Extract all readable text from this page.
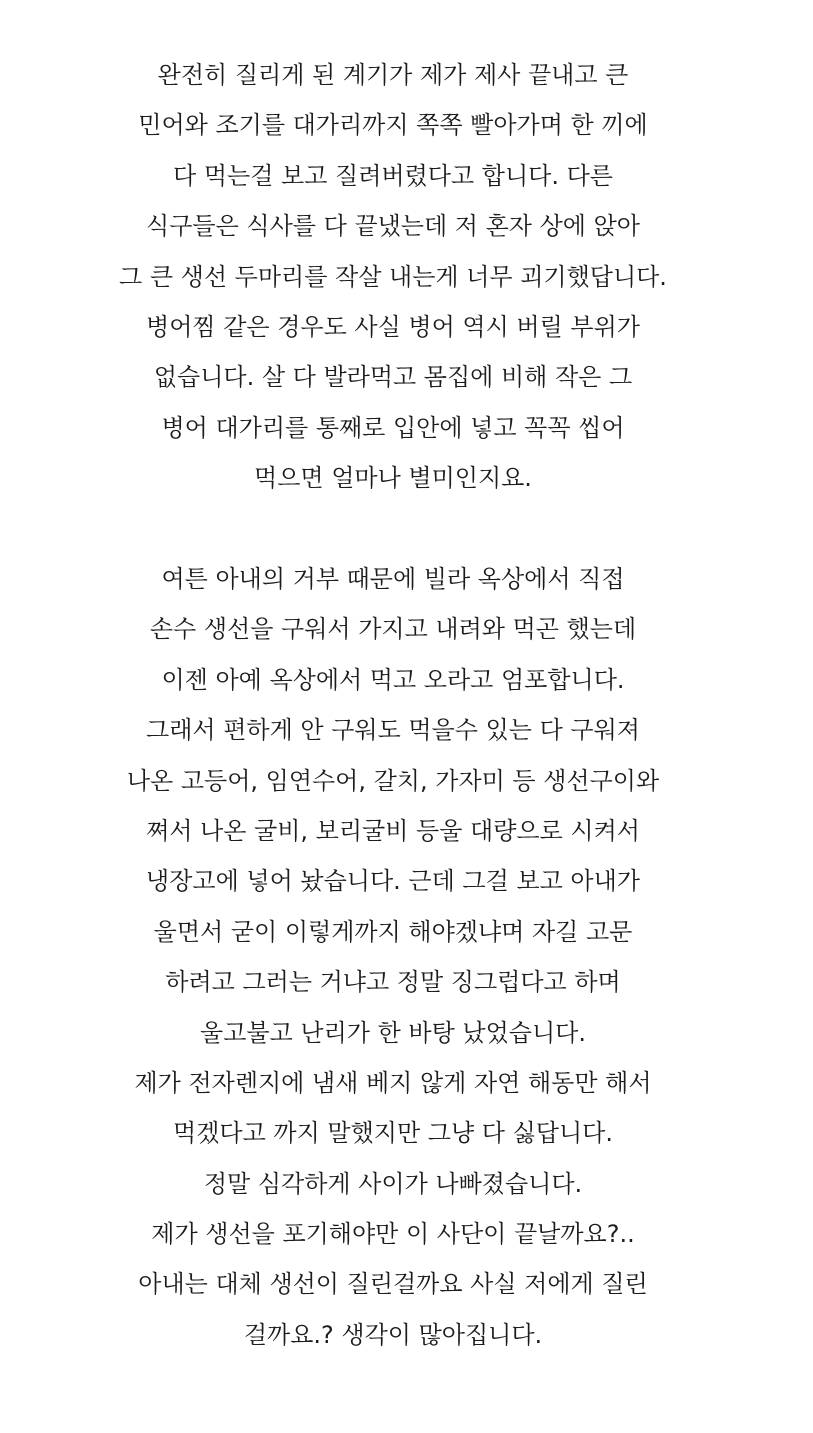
완전히 질리게 된 계기가 제가 제사 끝내고 큰
민어와 조기를 대가리까지 쪽쪽 빨아가며 한 끼에
다 먹는걸 보고 질려버렸다고 합니다. 다른
식구들은 식사를 다 끝냈는데 저 혼자 상에 앉아
그 큰 생선 두마리를 작살 내는게 너무 괴기했답니다.
병어찜 같은 경우도 사실 병어 역시 버릴 부위가
없습니다. 살 다 발라먹고 몸집에 비해 작은 그
병어 대가리를 통째로 입안에 넣고 꼭꼭 씹어
먹으면 얼마나 별미인지요.
여튼 아내의 거부 때문에 빌라 옥상에서 직접
손수 생선을 구워서 가지고 내려와 먹곤 했는데
이젠 아예 옥상에서 먹고 오라고 엄포합니다.
그래서 편하게 안 구워도 먹을수 있는 다 구워져
나온 고등어, 임연수어, 갈치, 가자미 등 생선구이와
쪄서 나온 굴비, 보리굴비 등울 대량으로 시켜서
냉장고에 넣어 놨습니다. 근데 그걸 보고 아내가
울면서 굳이 이렇게까지 해야겠냐며 자길 고문
하려고 그러는 거냐고 정말 징그럽다고 하며
울고불고 난리가 한 바탕 났었습니다.
제가 전자렌지에 냄새 베지 않게 자연 해동만 해서
먹겠다고 까지 말했지만 그냥 다 싫답니다.
정말 심각하게 사이가 나빠졌습니다.
제가 생선을 포기해야만 이 사단이 끝날까요?..
아내는 대체 생선이 질린걸까요 사실 저에게 질린
걸까요.? 생각이 많아집니다.
